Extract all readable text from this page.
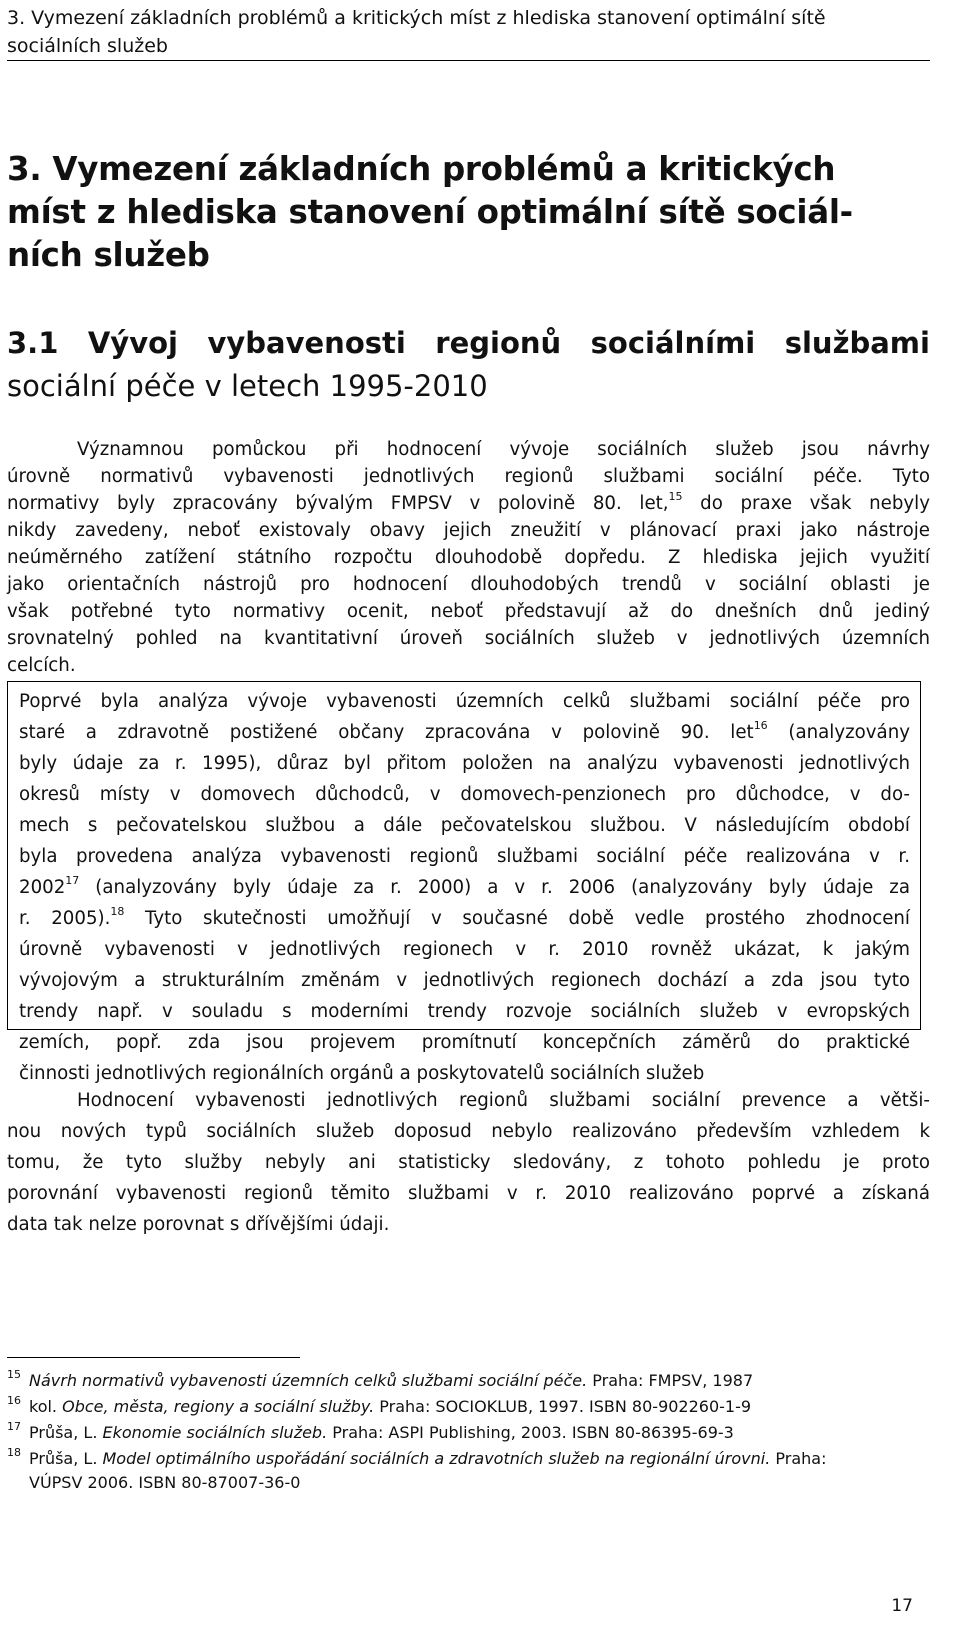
3. Vymezení základních problémů a kritických míst z hlediska stanovení optimální sítě
sociálních služeb
3. Vymezení základních problémů a kritických
míst z hlediska stanovení optimální sítě sociál-
ních služeb
3.1 Vývoj vybavenosti regionů sociálními službami
sociální péče v letech 1995-2010
Významnou pomůckou při hodnocení vývoje sociálních služeb jsou návrhy
úrovně normativů vybavenosti jednotlivých regionů službami sociální péče. Tyto
normativy byly zpracovány bývalým FMPSV v polovině 80. let,$^{15}$ do praxe však nebyly
nikdy zavedeny, neboť existovaly obavy jejich zneužití v plánovací praxi jako nástroje
neúměrného zatížení státního rozpočtu dlouhodobě dopředu. Z hlediska jejich využití
jako orientačních nástrojů pro hodnocení dlouhodobých trendů v sociální oblasti je
však potřebné tyto normativy ocenit, neboť představují až do dnešních dnů jediný
srovnatelný pohled na kvantitativní úroveň sociálních služeb v jednotlivých územních
celcích.
Poprvé byla analýza vývoje vybavenosti územních celků službami sociální péče pro
staré a zdravotně postižené občany zpracována v polovině 90. let$^{16}$ (analyzovány
byly údaje za r. 1995), důraz byl přitom položen na analýzu vybavenosti jednotlivých
okresů místy v domovech důchodců, v domovech-penzionech pro důchodce, v do-
mech s pečovatelskou službou a dále pečovatelskou službou. V následujícím období
byla provedena analýza vybavenosti regionů službami sociální péče realizována v r.
2002$^{17}$ (analyzovány byly údaje za r. 2000) a v r. 2006 (analyzovány byly údaje za
r. 2005).$^{18}$ Tyto skutečnosti umožňují v současné době vedle prostého zhodnocení
úrovně vybavenosti v jednotlivých regionech v r. 2010 rovněž ukázat, k jakým
vývojovým a strukturálním změnám v jednotlivých regionech dochází a zda jsou tyto
trendy např. v souladu s moderními trendy rozvoje sociálních služeb v evropských
zemích, popř. zda jsou projevem promítnutí koncepčních záměrů do praktické
činnosti jednotlivých regionálních orgánů a poskytovatelů sociálních služeb
Hodnocení vybavenosti jednotlivých regionů službami sociální prevence a větši-
nou nových typů sociálních služeb doposud nebylo realizováno především vzhledem k
tomu, že tyto služby nebyly ani statisticky sledovány, z tohoto pohledu je proto
porovnání vybavenosti regionů těmito službami v r. 2010 realizováno poprvé a získaná
data tak nelze porovnat s dřívějšími údaji.
15 Návrh normativů vybavenosti územních celků službami sociální péče. Praha: FMPSV, 1987
16 kol. Obce, města, regiony a sociální služby. Praha: SOCIOKLUB, 1997. ISBN 80-902260-1-9
17 Průša, L. Ekonomie sociálních služeb. Praha: ASPI Publishing, 2003. ISBN 80-86395-69-3
18 Průša, L. Model optimálního uspořádání sociálních a zdravotních služeb na regionální úrovni. Praha:
VÚPSV 2006. ISBN 80-87007-36-0
17
